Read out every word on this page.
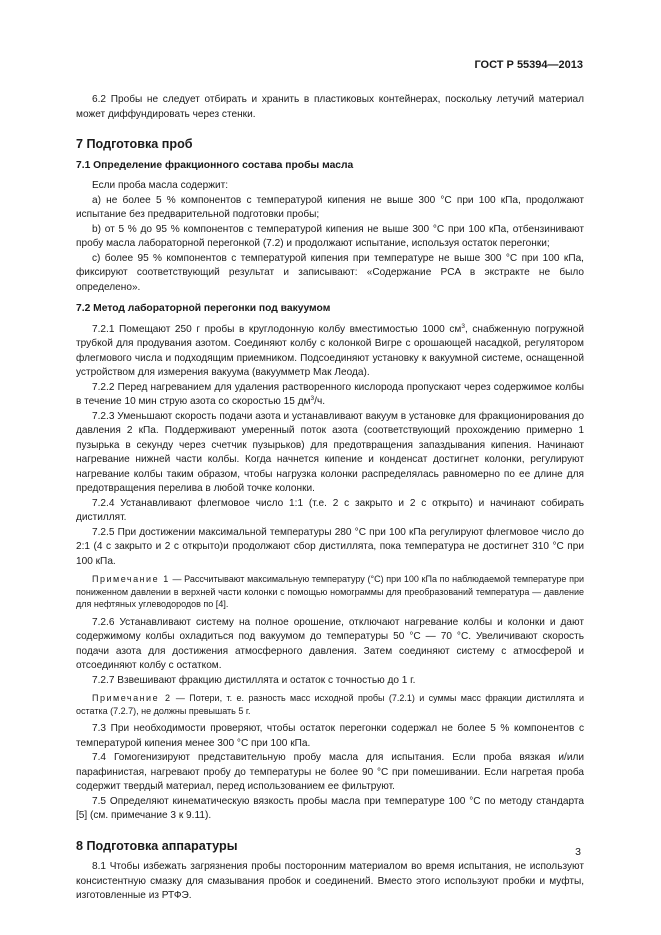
ГОСТ Р 55394—2013

6.2 Пробы не следует отбирать и хранить в пластиковых контейнерах, поскольку летучий материал может диффундировать через стенки.

7 Подготовка проб
7.1 Определение фракционного состава пробы масла

Если проба масла содержит:

а) не более 5 % компонентов с температурой кипения не выше 300 °С при 100 кПа, продолжают испытание без предварительной подготовки пробы;

b) от 5 % до 95 % компонентов с температурой кипения не выше 300 °С при 100 кПа, отбензинивают пробу масла лабораторной перегонкой (7.2) и продолжают испытание, используя остаток перегонки;

с) более 95 % компонентов с температурой кипения при температуре не выше 300 °С при 100 кПа, фиксируют соответствующий результат и записывают: «Содержание PCA в экстракте не было определено».

7.2 Метод лабораторной перегонки под вакуумом

7.2.1 Помещают 250 г пробы в круглодонную колбу вместимостью 1000 $см^3$, снабженную погружной трубкой для продувания азотом. Соединяют колбу с колонкой Вигре с орошающей насадкой, регулятором флегмового числа и подходящим приемником. Подсоединяют установку к вакуумной системе, оснащенной устройством для измерения вакуума (вакуумметр Мак Леода).

7.2.2 Перед нагреванием для удаления растворенного кислорода пропускают через содержимое колбы в течение 10 мин струю азота со скоростью 15 $дм^3/ч$.

7.2.3 Уменьшают скорость подачи азота и устанавливают вакуум в установке для фракционирования до давления 2 кПа. Поддерживают умеренный поток азота (соответствующий прохождению примерно 1 пузырька в секунду через счетчик пузырьков) для предотвращения запаздывания кипения. Начинают нагревание нижней части колбы. Когда начнется кипение и конденсат достигнет колонки, регулируют нагревание колбы таким образом, чтобы нагрузка колонки распределялась равномерно по ее длине для предотвращения перелива в любой точке колонки.

7.2.4 Устанавливают флегмовое число 1:1 (т.е. 2 с закрыто и 2 с открыто) и начинают собирать дистиллят.

7.2.5 При достижении максимальной температуры 280 °С при 100 кПа регулируют флегмовое число до 2:1 (4 с закрыто и 2 с открыто)и продолжают сбор дистиллята, пока температура не достигнет 310 °С при 100 кПа.

Примечание 1 — Рассчитывают максимальную температуру (°С) при 100 кПа по наблюдаемой температуре при пониженном давлении в верхней части колонки с помощью номограммы для преобразований температура — давление для нефтяных углеводородов по [4].

7.2.6 Устанавливают систему на полное орошение, отключают нагревание колбы и колонки и дают содержимому колбы охладиться под вакуумом до температуры 50 °С — 70 °С. Увеличивают скорость подачи азота для достижения атмосферного давления. Затем соединяют систему с атмосферой и отсоединяют колбу с остатком.

7.2.7 Взвешивают фракцию дистиллята и остаток с точностью до 1 г.

Примечание 2 — Потери, т. е. разность масс исходной пробы (7.2.1) и суммы масс фракции дистиллята и остатка (7.2.7), не должны превышать 5 г.

7.3 При необходимости проверяют, чтобы остаток перегонки содержал не более 5 % компонентов с температурой кипения менее 300 °С при 100 кПа.

7.4 Гомогенизируют представительную пробу масла для испытания. Если проба вязкая и/или парафинистая, нагревают пробу до температуры не более 90 °С при помешивании. Если нагретая проба содержит твердый материал, перед использованием ее фильтруют.

7.5 Определяют кинематическую вязкость пробы масла при температуре 100 °С по методу стандарта [5] (см. примечание 3 к 9.11).

8 Подготовка аппаратуры

8.1 Чтобы избежать загрязнения пробы посторонним материалом во время испытания, не используют консистентную смазку для смазывания пробок и соединений. Вместо этого используют пробки и муфты, изготовленные из РТФЭ.

3
